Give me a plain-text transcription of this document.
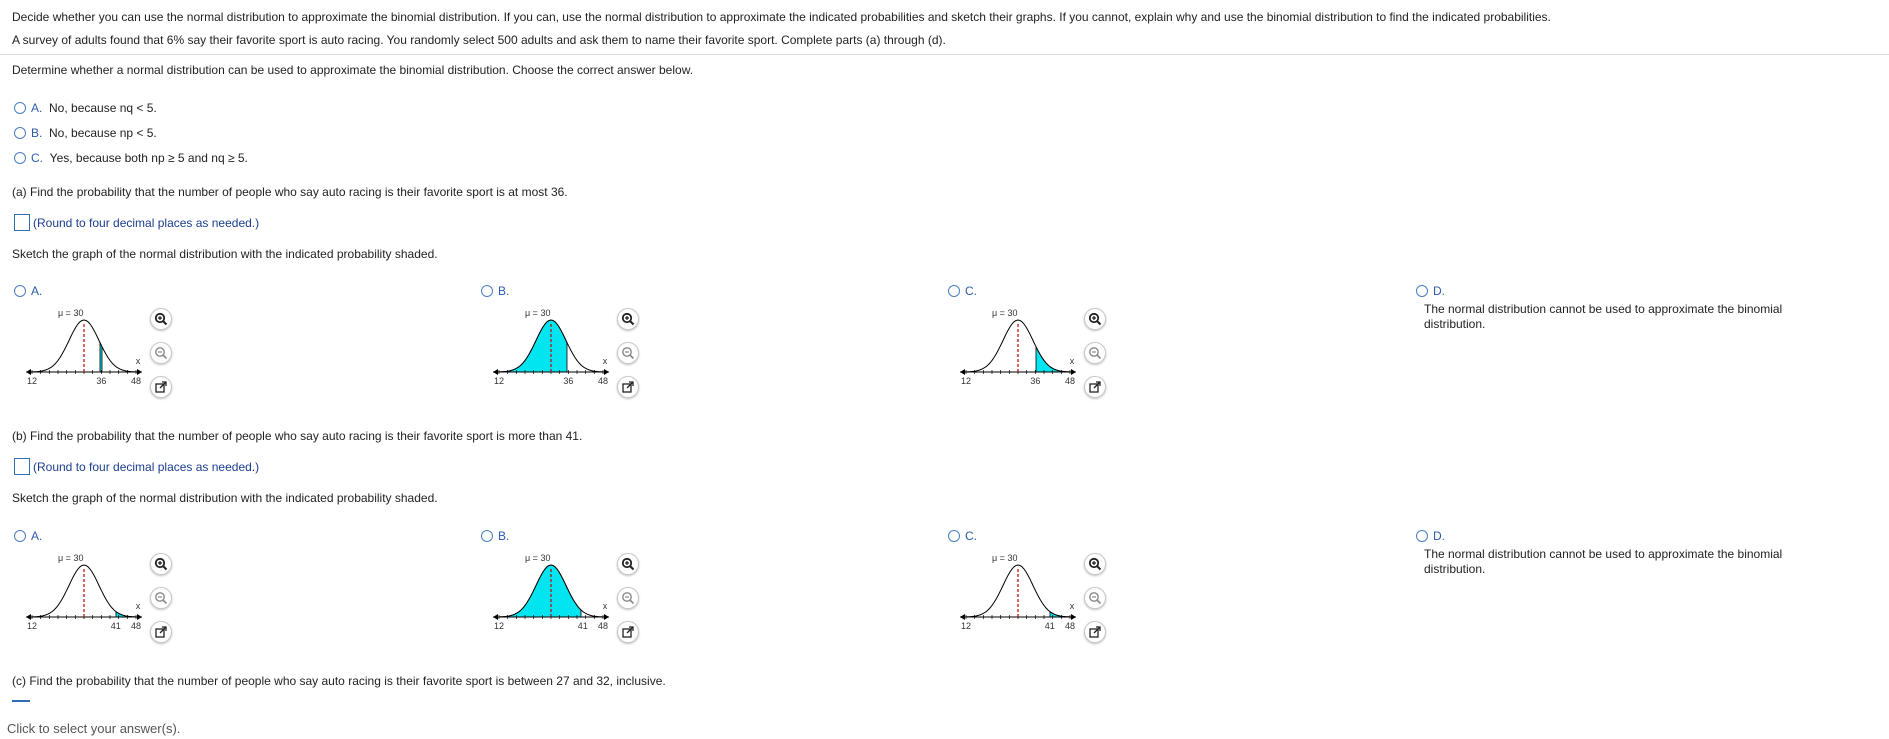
Decide whether you can use the normal distribution to approximate the binomial distribution. If you can, use the normal distribution to approximate the indicated probabilities and sketch their graphs. If you cannot, explain why and use the binomial distribution to find the indicated probabilities.
A survey of adults found that 6% say their favorite sport is auto racing. You randomly select 500 adults and ask them to name their favorite sport. Complete parts (a) through (d).
Determine whether a normal distribution can be used to approximate the binomial distribution. Choose the correct answer below.
A. No, because nq < 5.
B. No, because np < 5.
C. Yes, because both np ≥ 5 and nq ≥ 5.
(a) Find the probability that the number of people who say auto racing is their favorite sport is at most 36.
(Round to four decimal places as needed.)
Sketch the graph of the normal distribution with the indicated probability shaded.
A.
μ = 30
12	36	48
x
B.
μ = 30
12	36	48
x
C.
μ = 30
12	36	48
x
D.
The normal distribution cannot be used to approximate the binomial distribution.
(b) Find the probability that the number of people who say auto racing is their favorite sport is more than 41.
(Round to four decimal places as needed.)
Sketch the graph of the normal distribution with the indicated probability shaded.
A.
μ = 30
12	41 48
x
B.
μ = 30
12	41 48
x
C.
μ = 30
12	41 48
x
D.
The normal distribution cannot be used to approximate the binomial distribution.
(c) Find the probability that the number of people who say auto racing is their favorite sport is between 27 and 32, inclusive.
Click to select your answer(s).
